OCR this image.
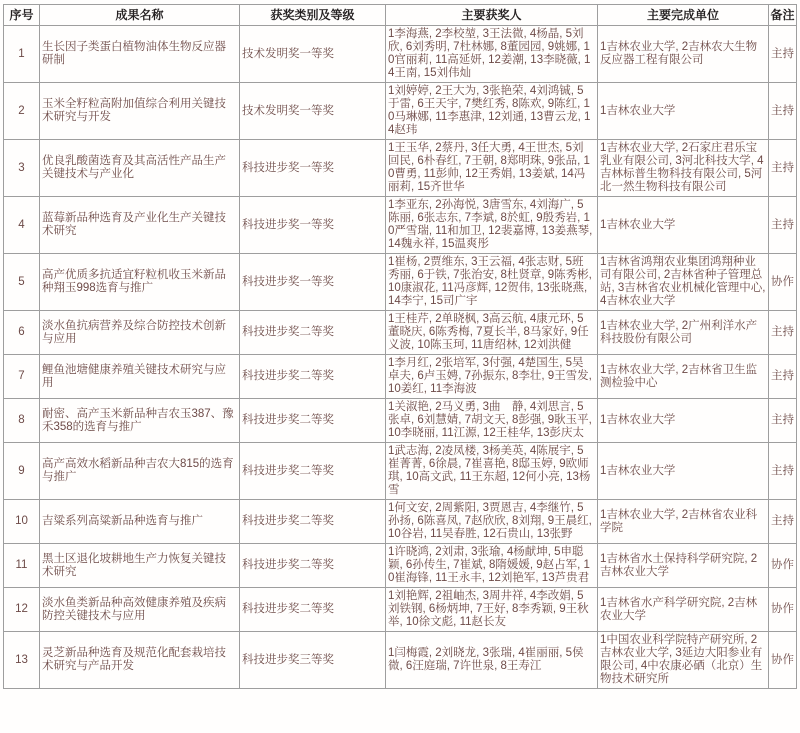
序号	成果名称	获奖类别及等级	主要获奖人	主要完成单位	备注
1	生长因子类蛋白植物油体生物反应器研制	技术发明奖一等奖	1李海燕, 2李校堃, 3王法微, 4杨晶, 5刘欣, 6刘秀明, 7杜林娜, 8董园园, 9姚娜, 10官丽莉, 11高延妍, 12姜潮, 13李晓薇, 14王南, 15刘伟灿	1吉林农业大学, 2吉林农大生物反应器工程有限公司	主持
2	玉米全籽粒高附加值综合利用关键技术研究与开发	技术发明奖一等奖	1刘婷婷, 2王大为, 3张艳荣, 4刘鸿铖, 5于雷, 6王天宇, 7樊红秀, 8陈欢, 9陈红, 10马琳娜, 11李惠津, 12刘通, 13曹云龙, 14赵玮	1吉林农业大学	主持
3	优良乳酸菌选育及其高活性产品生产关键技术与产业化	科技进步奖一等奖	1王玉华, 2蔡丹, 3任大勇, 4王世杰, 5刘回民, 6朴春红, 7王朝, 8郑明珠, 9张品, 10曹勇, 11彭帅, 12王秀娟, 13姜斌, 14冯丽莉, 15齐世华	1吉林农业大学, 2石家庄君乐宝乳业有限公司, 3河北科技大学, 4吉林标普生物科技有限公司, 5河北一然生物科技有限公司	主持
4	蓝莓新品种选育及产业化生产关键技术研究	科技进步奖一等奖	1李亚东, 2孙海悦, 3唐雪东, 4刘海广, 5陈丽, 6张志东, 7李斌, 8於虹, 9殷秀岩, 10严雪瑞, 11和加卫, 12裴嘉博, 13姜燕琴, 14魏永祥, 15温爽彤	1吉林农业大学	主持
5	高产优质多抗适宜籽粒机收玉米新品种翔玉998选育与推广	科技进步奖一等奖	1崔杨, 2贾维东, 3王云福, 4张志财, 5班秀丽, 6于铁, 7张治安, 8杜贤章, 9陈秀彬, 10康淑花, 11冯彦辉, 12贺伟, 13张晓燕, 14李宁, 15司广宇	1吉林省鸿翔农业集团鸿翔种业司有限公司, 2吉林省种子管理总站, 3吉林省农业机械化管理中心, 4吉林农业大学	协作
6	淡水鱼抗病营养及综合防控技术创新与应用	科技进步奖二等奖	1王桂芹, 2单晓枫, 3高云航, 4康元环, 5董晓庆, 6陈秀梅, 7夏长半, 8马家好, 9任义波, 10陈玉珂, 11唐绍林, 12刘洪健	1吉林农业大学, 2广州利洋水产科技股份有限公司	主持
7	鲤鱼池塘健康养殖关键技术研究与应用	科技进步奖二等奖	1李月红, 2张培军, 3付强, 4楚国生, 5吴卓夫, 6卢玉娉, 7孙振东, 8李壮, 9王雪发, 10姜红, 11李海波	1吉林农业大学, 2吉林省卫生监测检验中心	主持
8	耐密、高产玉米新品种吉农玉387、豫禾358的选育与推广	科技进步奖二等奖	1关淑艳, 2马义勇, 3曲　静, 4刘思言, 5张卓, 6刘慧婧, 7胡文天, 8彭强, 9耿玉平, 10李晓丽, 11江源, 12王桂华, 13彭庆太	1吉林农业大学	主持
9	高产高效水稻新品种吉农大815的选育与推广	科技进步奖二等奖	1武志海, 2凌凤楼, 3杨美英, 4陈展宇, 5崔菁菁, 6徐晨, 7崔喜艳, 8邸玉婷, 9欧师琪, 10高文武, 11王东超, 12何小亮, 13杨雪	1吉林农业大学	主持
10	吉粱系列高粱新品种选育与推广	科技进步奖二等奖	1何文安, 2周紫阳, 3贾恩吉, 4李继竹, 5孙扬, 6陈喜凤, 7赵欣欣, 8刘翔, 9王晨红, 10谷岩, 11吴春胜, 12石贵山, 13张野	1吉林农业大学, 2吉林省农业科学院	主持
11	黑土区退化坡耕地生产力恢复关键技术研究	科技进步奖二等奖	1许晓鸿, 2刘肃, 3张瑜, 4杨献坤, 5申聪颖, 6孙传生, 7崔斌, 8隋媛媛, 9赵占军, 10崔海锋, 11王永丰, 12刘艳军, 13芦贵君	1吉林省水土保持科学研究院, 2吉林农业大学	协作
12	淡水鱼类新品种高效健康养殖及疾病防控关键技术与应用	科技进步奖二等奖	1刘艳辉, 2祖岫杰, 3周井祥, 4李改娟, 5刘铁钢, 6杨炳坤, 7王好, 8李秀颖, 9王秋举, 10徐文彪, 11赵长友	1吉林省水产科学研究院, 2吉林农业大学	协作
13	灵芝新品种选育及规范化配套栽培技术研究与产品开发	科技进步奖三等奖	1闫梅霞, 2刘晓龙, 3张瑞, 4崔丽丽, 5侯微, 6汪庭瑞, 7许世泉, 8王寿江	1中国农业科学院特产研究所, 2吉林农业大学, 3延边大阳参业有限公司, 4中农康必硒（北京）生物技术研究所	协作
